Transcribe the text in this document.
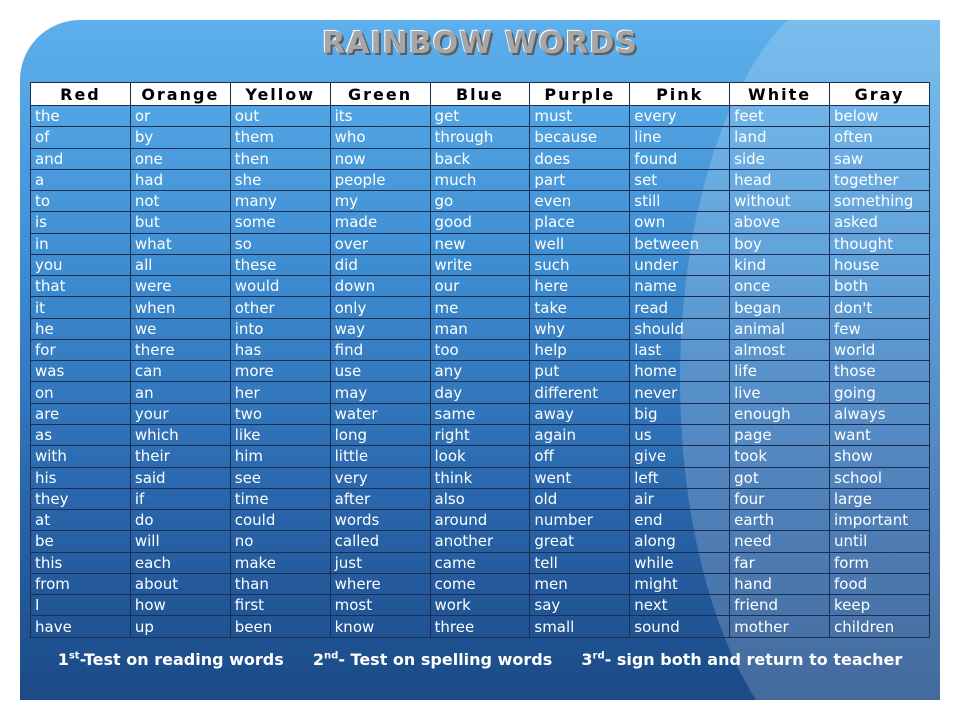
RAINBOW WORDS
Red	Orange	Yellow	Green	Blue	Purple	Pink	White	Gray
the	or	out	its	get	must	every	feet	below
of	by	them	who	through	because	line	land	often
and	one	then	now	back	does	found	side	saw
a	had	she	people	much	part	set	head	together
to	not	many	my	go	even	still	without	something
is	but	some	made	good	place	own	above	asked
in	what	so	over	new	well	between	boy	thought
you	all	these	did	write	such	under	kind	house
that	were	would	down	our	here	name	once	both
it	when	other	only	me	take	read	began	don't
he	we	into	way	man	why	should	animal	few
for	there	has	find	too	help	last	almost	world
was	can	more	use	any	put	home	life	those
on	an	her	may	day	different	never	live	going
are	your	two	water	same	away	big	enough	always
as	which	like	long	right	again	us	page	want
with	their	him	little	look	off	give	took	show
his	said	see	very	think	went	left	got	school
they	if	time	after	also	old	air	four	large
at	do	could	words	around	number	end	earth	important
be	will	no	called	another	great	along	need	until
this	each	make	just	came	tell	while	far	form
from	about	than	where	come	men	might	hand	food
I	how	first	most	work	say	next	friend	keep
have	up	been	know	three	small	sound	mother	children
1st-Test on reading words 2nd- Test on spelling words 3rd- sign both and return to teacher
